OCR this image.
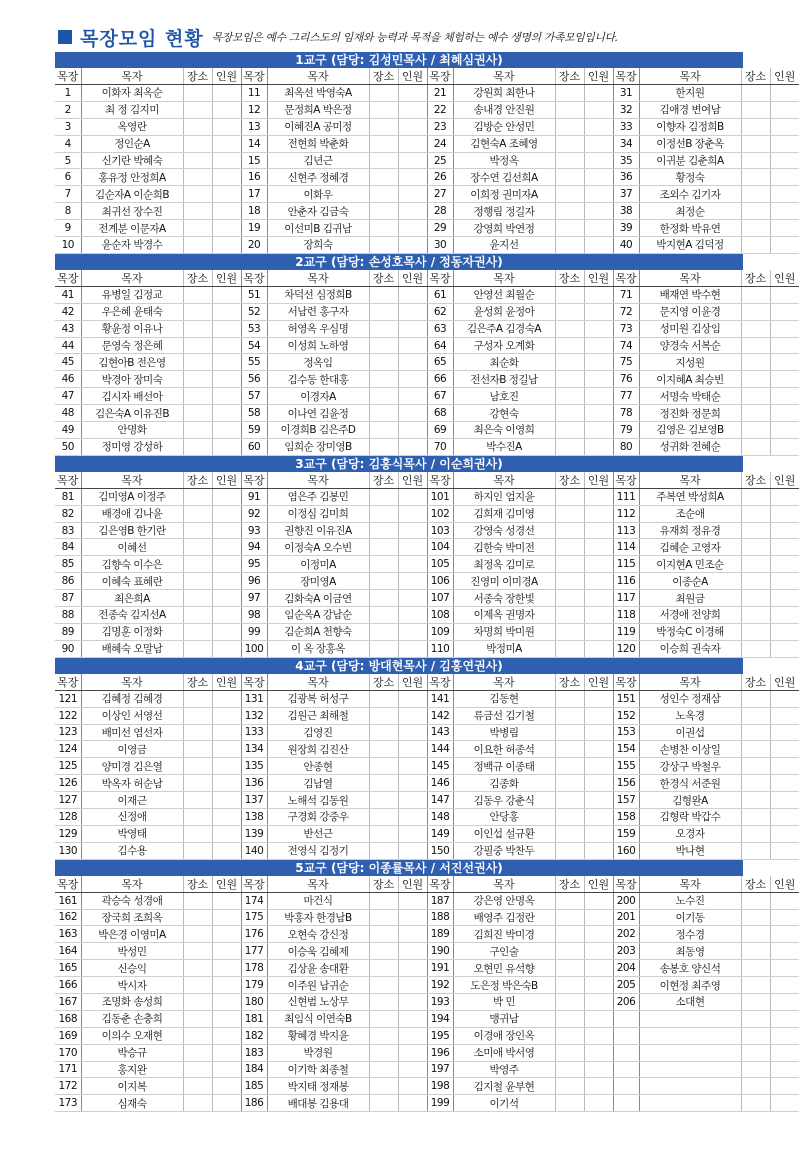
목장모임 현황 목장모임은 예수 그리스도의 임재와 능력과 목적을 체험하는 예수 생명의 가족모임입니다.
1교구 (담당: 김성민목사 / 최혜심권사)
목장	목자	장소	인원	목장	목자	장소	인원	목장	목자	장소	인원	목장	목자	장소	인원
1	이화자 최옥순			11	최옥선 박영숙A			21	강원희 최한나			31	한지원		
2	최 정 김지미			12	문정희A 박은정			22	송내경 안진원			32	김애경 변여남		
3	옥영란			13	이혜진A 공미정			23	김방순 안성민			33	이향자 김정희B		
4	정인순A			14	전현희 박춘화			24	김현숙A 조혜영			34	이정선B 장춘옥		
5	신기란 박혜숙			15	김년근			25	박정옥			35	이귀분 김춘희A		
6	홍유정 안정희A			16	신현주 정혜경			26	장수연 김선희A			36	황정숙		
7	김순자A 이순희B			17	이화우			27	이희정 권미자A			37	조외수 김기자		
8	최귀선 장수진			18	안춘자 김금숙			28	정행림 정길자			38	최정순		
9	전계분 이문자A			19	이선미B 김귀남			29	강영희 박연정			39	한정화 박유연		
10	윤순자 박경수			20	장희숙			30	윤지선			40	박지현A 김덕정		
2교구 (담당: 손성호목사 / 정동자권사)
목장	목자	장소	인원	목장	목자	장소	인원	목장	목자	장소	인원	목장	목자	장소	인원
41	유병일 김정교			51	차덕선 심정희B			61	안영선 최월순			71	배재연 박수현		
42	우은혜 윤태숙			52	서남련 홍구자			62	윤성희 윤정아			72	문지영 이윤경		
43	황윤정 이유나			53	허영옥 우심명			63	김은주A 김경숙A			73	성미원 김상임		
44	문영숙 정은혜			54	이성희 노하영			64	구성자 오계화			74	양경숙 서복순		
45	김현아B 전은영			55	정옥임			65	최순화			75	지성원		
46	박경아 장미숙			56	김수동 한대홍			66	전선자B 정길남			76	이지혜A 최승빈		
47	김시자 배선아			57	이경자A			67	남호진			77	서명숙 박태순		
48	김은숙A 이유진B			58	이나연 김윤정			68	강현숙			78	정진화 정문희		
49	안명화			59	이경희B 김은주D			69	최은숙 이영희			79	김영은 김보영B		
50	정미영 강성하			60	임희순 장미영B			70	박수진A			80	성귀화 전혜순		
3교구 (담당: 김홍식목사 / 이순희권사)
목장	목자	장소	인원	목장	목자	장소	인원	목장	목자	장소	인원	목장	목자	장소	인원
81	김미영A 이정주			91	염은주 김봉민			101	하지인 엄지윤			111	주복연 박성희A		
82	배경애 김나윤			92	이정심 김미희			102	김희재 김미영			112	조순애		
83	김은영B 한기란			93	권향진 이유진A			103	강영숙 성경선			113	유재희 정유경		
84	이혜선			94	이정숙A 오수빈			104	김한숙 박미전			114	김혜순 고영자		
85	김향숙 이수은			95	이정미A			105	최정옥 김미로			115	이지현A 민조순		
86	이혜숙 표혜란			96	장미영A			106	진영미 이미경A			116	이종순A		
87	최은희A			97	김화숙A 이금연			107	서종숙 장한빛			117	최원금		
88	전종숙 김지선A			98	임순옥A 강남순			108	이제옥 권명자			118	서경애 전양희		
89	김명훈 이정화			99	김순희A 천향숙			109	차명희 박미원			119	박정숙C 이경해		
90	배혜숙 오말남			100	이 옥 장홍옥			110	박정미A			120	이승희 권숙자		
4교구 (담당: 방대현목사 / 김홍연권사)
목장	목자	장소	인원	목장	목자	장소	인원	목장	목자	장소	인원	목장	목자	장소	인원
121	김혜정 김혜경			131	김광복 허성구			141	김동현			151	성인수 정재삼		
122	이상인 서영선			132	김원근 최해철			142	류금선 김기철			152	노옥경		
123	배미선 염선자			133	김영진			143	박병림			153	이권섭		
124	이영금			134	원장희 김진산			144	이요한 허종석			154	손병찬 이상일		
125	양미경 김은열			135	안종현			145	정백규 이종태			155	강상구 박철우		
126	박옥자 허순남			136	김남열			146	김종화			156	한경식 서준원		
127	이재근			137	노해석 김동원			147	김동우 강춘식			157	김형완A		
128	신정애			138	구경회 강중우			148	안당홍			158	김형락 박갑수		
129	박영태			139	반선근			149	이인섭 설규환			159	오경자		
130	김수용			140	전영식 김정기			150	강필중 박찬두			160	박나현		
5교구 (담당: 이종률목사 / 서진선권사)
목장	목자	장소	인원	목장	목자	장소	인원	목장	목자	장소	인원	목장	목자	장소	인원
161	곽승숙 성경애			174	마건식			187	강은영 안명옥			200	노수진		
162	장국희 조희옥			175	박홍자 한경남B			188	배영주 김정란			201	이기동		
163	박은경 이영미A			176	오현숙 강신정			189	김희진 박미경			202	정수경		
164	박성민			177	이승욱 김혜제			190	구인술			203	최동영		
165	신승익			178	김상윤 송대환			191	오현민 유석향			204	송봉호 양신석		
166	박시자			179	이주원 남귀순			192	도은정 박은숙B			205	이현정 최주영		
167	조명화 송성희			180	신현범 노상무			193	박 민			206	소대현		
168	김동춘 손충희			181	최임식 이연숙B			194	맹귀남						
169	이의수 오재현			182	황혜경 박지윤			195	이경애 장인옥						
170	박승규			183	박경원			196	소미애 박서영						
171	홍지완			184	이기학 최종철			197	박영주						
172	이지복			185	박지태 정재봉			198	김지철 윤부현						
173	심재숙			186	배대봉 김용대			199	이기석						
